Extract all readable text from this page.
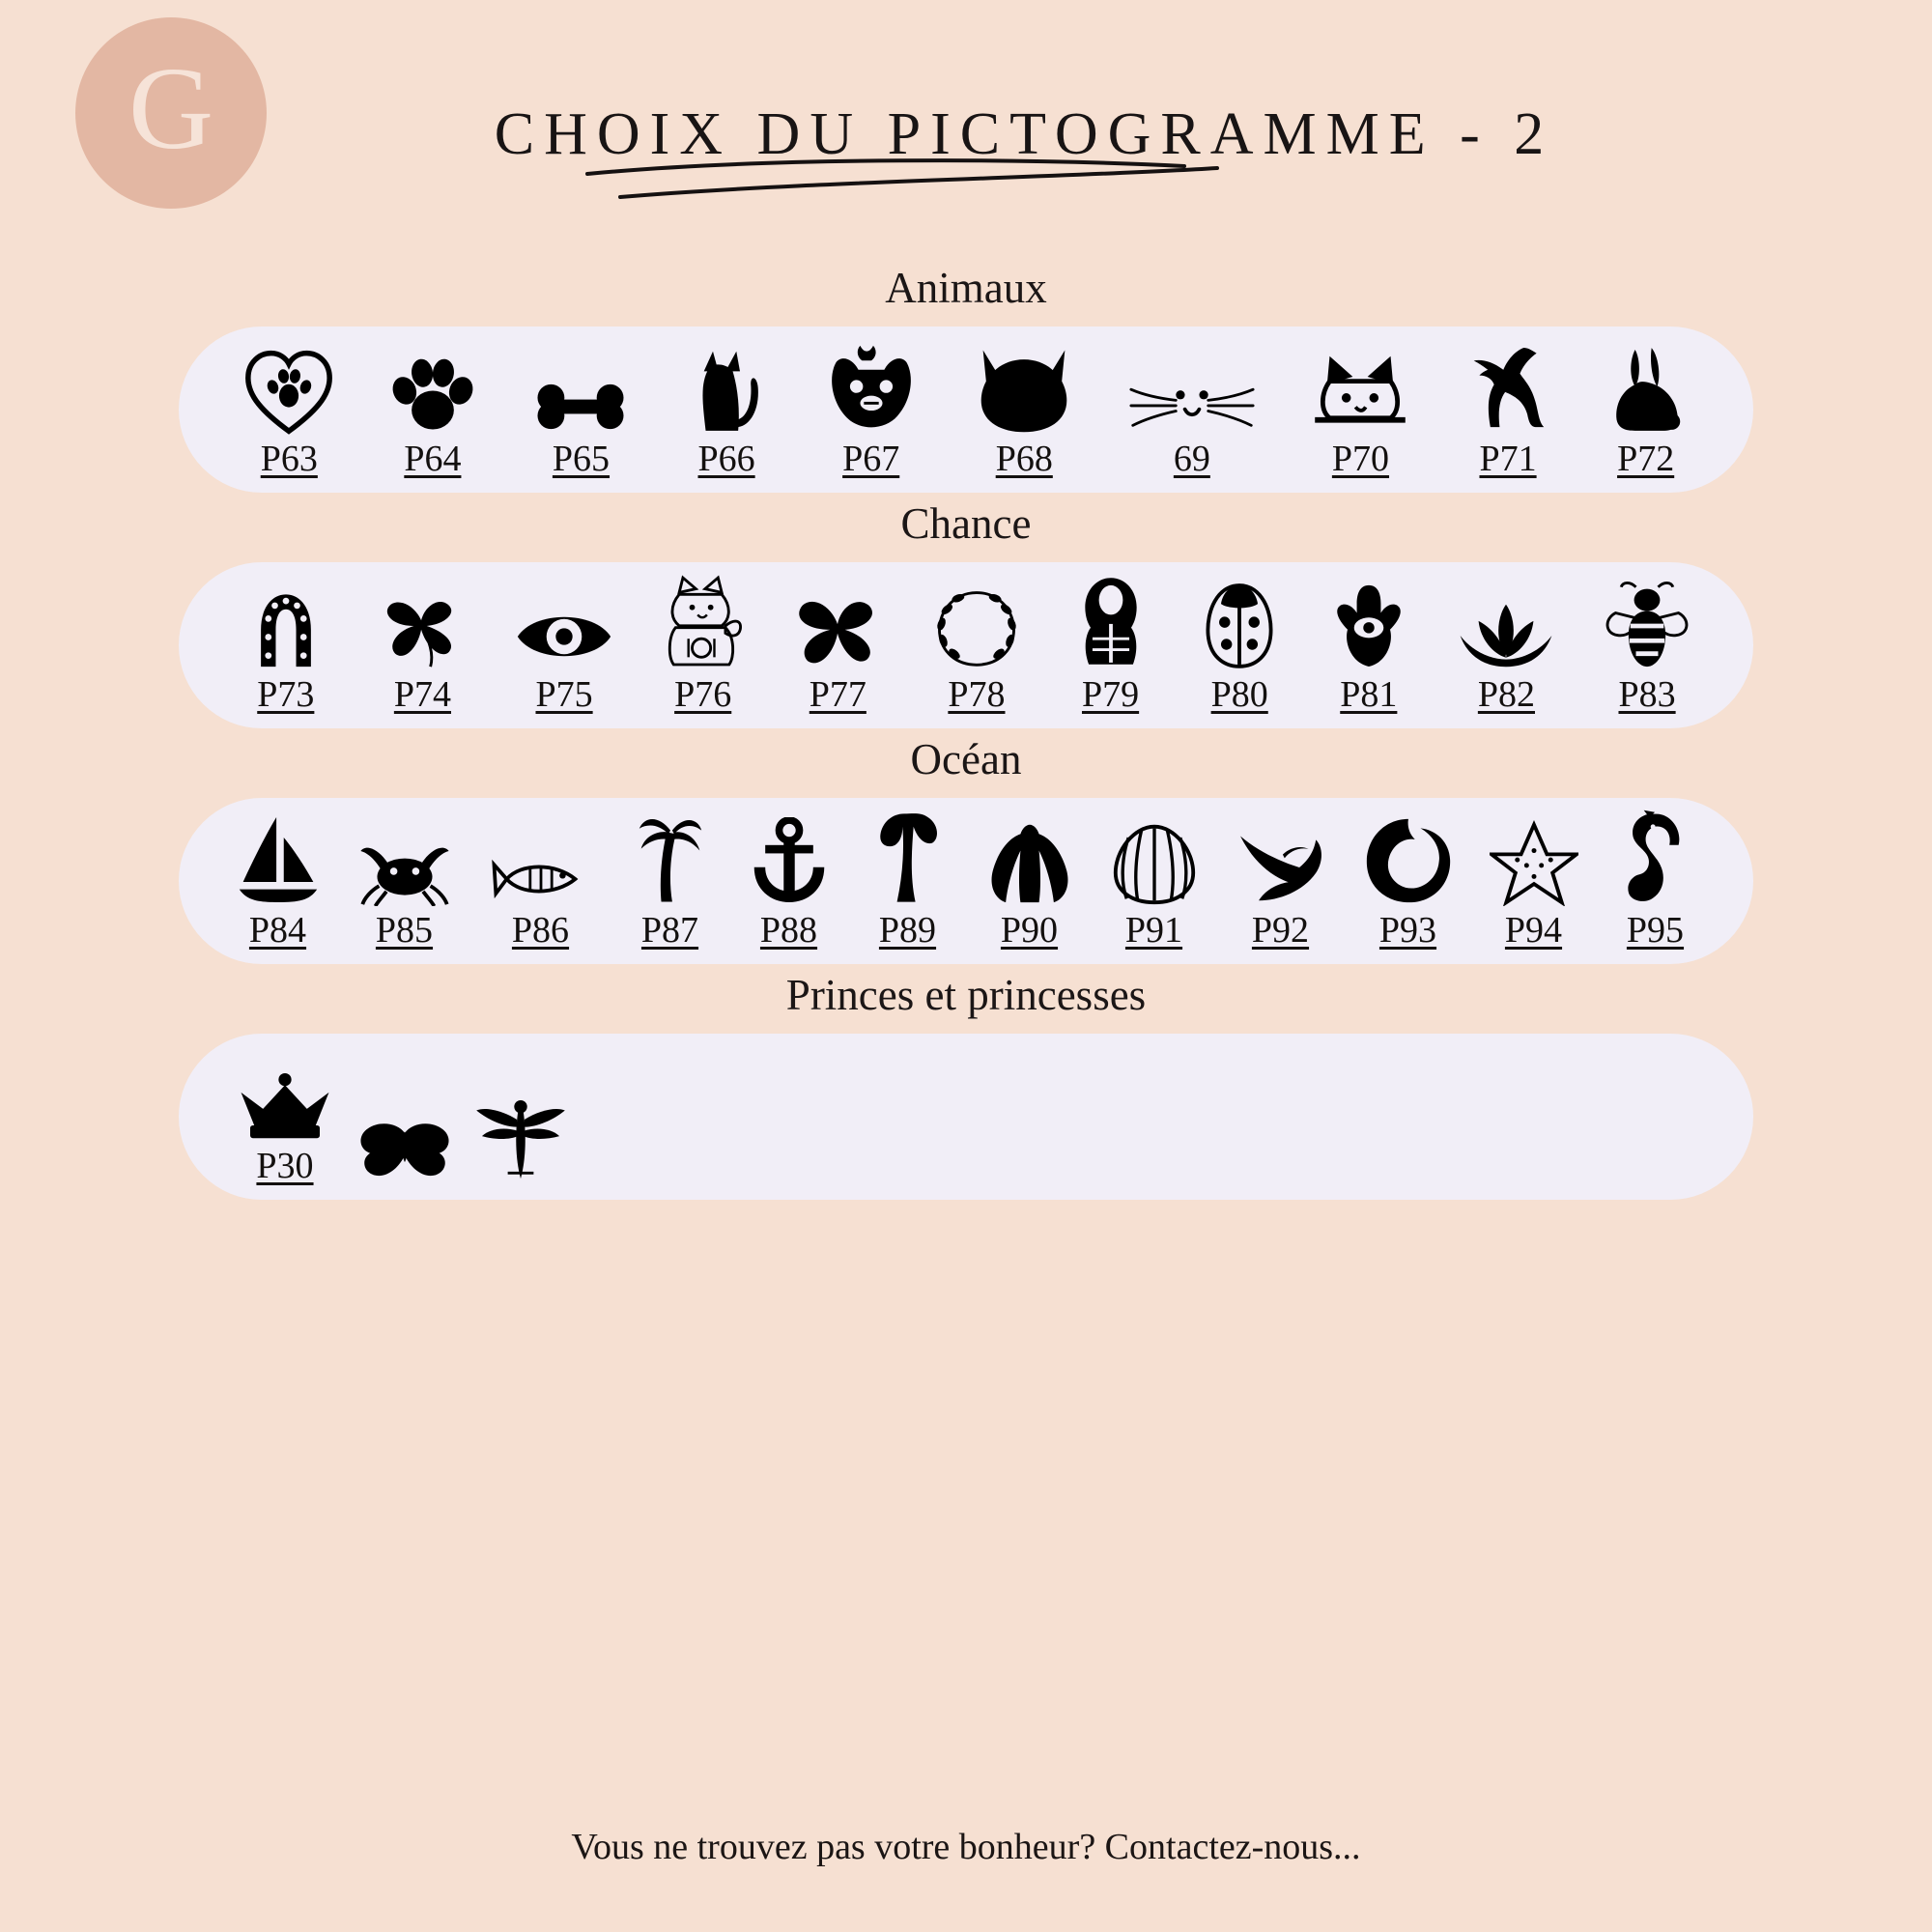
G	CHOIX DU PICTOGRAMME - 2
Animaux
P63 P64 P65 P66 P67	P68	69	P70 P71 P72
Chance
P73 P74 P75 P76 P77 P78 P79 P80 P81 P82 P83
Océan
P84 P85 P86 P87 P88 P89 P90 P91 P92 P93 P94 P95
Princes et princesses
P30
Vous ne trouvez pas votre bonheur? Contactez-nous...
